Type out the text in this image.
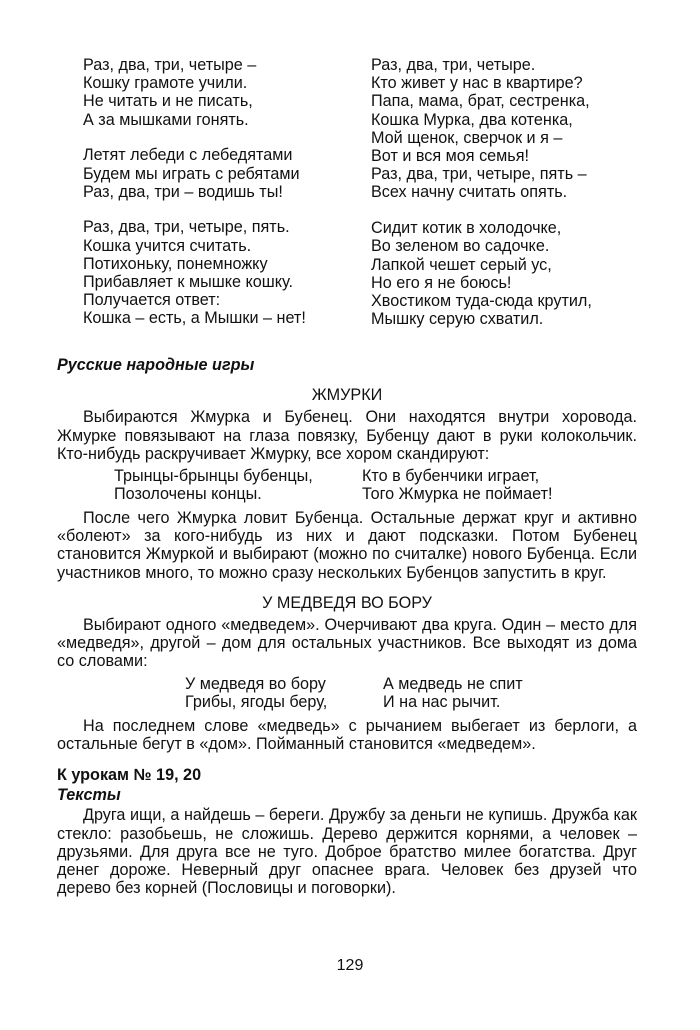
Раз, два, три, четыре –
Кошку грамоте учили.
Не читать и не писать,
А за мышками гонять.
Летят лебеди с лебедятами
Будем мы играть с ребятами
Раз, два, три – водишь ты!
Раз, два, три, четыре, пять.
Кошка учится считать.
Потихоньку, понемножку
Прибавляет к мышке кошку.
Получается ответ:
Кошка – есть, а Мышки – нет!
Раз, два, три, четыре.
Кто живет у нас в квартире?
Папа, мама, брат, сестренка,
Кошка Мурка, два котенка,
Мой щенок, сверчок и я –
Вот и вся моя семья!
Раз, два, три, четыре, пять –
Всех начну считать опять.
Сидит котик в холодочке,
Во зеленом во садочке.
Лапкой чешет серый ус,
Но его я не боюсь!
Хвостиком туда-сюда крутил,
Мышку серую схватил.
Русские народные игры
ЖМУРКИ

Выбираются Жмурка и Бубенец. Они находятся внутри хоровода. Жмурке повязывают на глаза повязку, Бубенцу дают в руки колокольчик. Кто-нибудь раскручивает Жмурку, все хором скандируют:

Трынцы-брынцы бубенцы,
Позолочены концы.
Кто в бубенчики играет,
Того Жмурка не поймает!

После чего Жмурка ловит Бубенца. Остальные держат круг и активно «болеют» за кого-нибудь из них и дают подсказки. Потом Бубенец становится Жмуркой и выбирают (можно по считалке) нового Бубенца. Если участников много, то можно сразу нескольких Бубенцов запустить в круг.

У МЕДВЕДЯ ВО БОРУ

Выбирают одного «медведем». Очерчивают два круга. Один – место для «медведя», другой – дом для остальных участников. Все выходят из дома со словами:

У медведя во бору
Грибы, ягоды беру,
А медведь не спит
И на нас рычит.

На последнем слове «медведь» с рычанием выбегает из берлоги, а остальные бегут в «дом». Пойманный становится «медведем».

К урокам № 19, 20
Тексты

Друга ищи, а найдешь – береги. Дружбу за деньги не купишь. Дружба как стекло: разобьешь, не сложишь. Дерево держится корнями, а человек – друзьями. Для друга все не туго. Доброе братство милее богатства. Друг денег дороже. Неверный друг опаснее врага. Человек без друзей что дерево без корней (Пословицы и поговорки).

129
